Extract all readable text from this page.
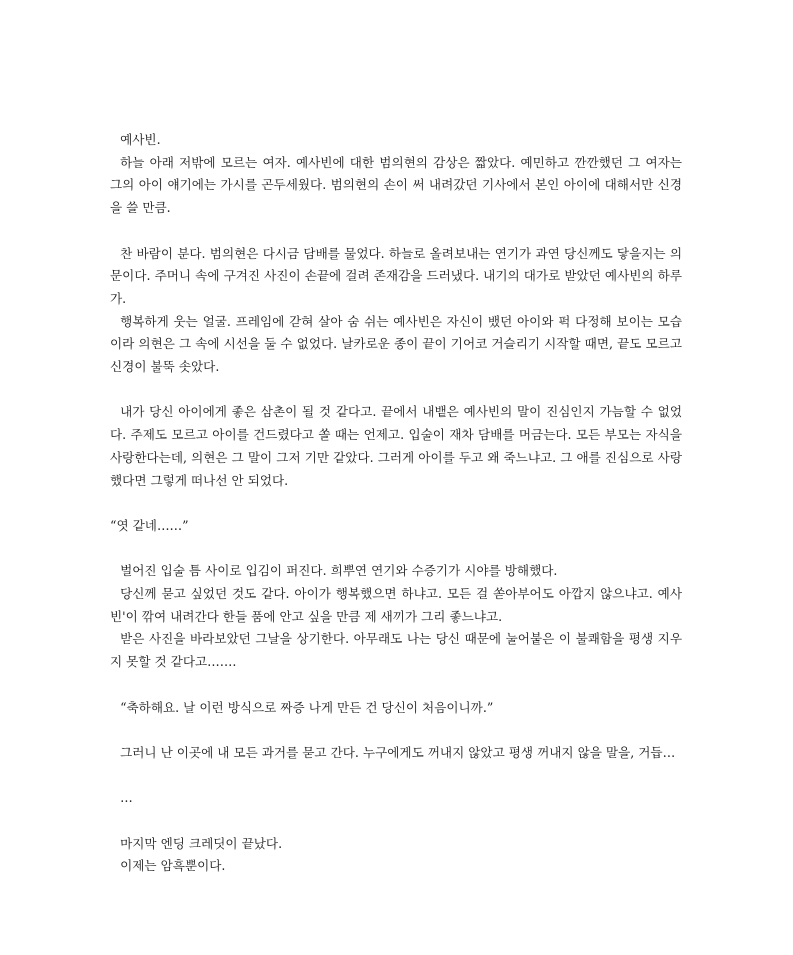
예사빈.

하늘 아래 저밖에 모르는 여자. 예사빈에 대한 범의현의 감상은 짧았다. 예민하고 깐깐했던 그 여자는 그의 아이 얘기에는 가시를 곤두세웠다. 범의현의 손이 써 내려갔던 기사에서 본인 아이에 대해서만 신경을 쓸 만큼.

찬 바람이 분다. 범의현은 다시금 담배를 물었다. 하늘로 올려보내는 연기가 과연 당신께도 닿을지는 의문이다. 주머니 속에 구겨진 사진이 손끝에 걸려 존재감을 드러냈다. 내기의 대가로 받았던 예사빈의 하루가.

행복하게 웃는 얼굴. 프레임에 갇혀 살아 숨 쉬는 예사빈은 자신이 뱄던 아이와 퍽 다정해 보이는 모습이라 의현은 그 속에 시선을 둘 수 없었다. 날카로운 종이 끝이 기어코 거슬리기 시작할 때면, 끝도 모르고 신경이 불뚝 솟았다.

내가 당신 아이에게 좋은 삼촌이 될 것 같다고. 끝에서 내뱉은 예사빈의 말이 진심인지 가늠할 수 없었다. 주제도 모르고 아이를 건드렸다고 쏠 때는 언제고. 입술이 재차 담배를 머금는다. 모든 부모는 자식을 사랑한다는데, 의현은 그 말이 그저 기만 같았다. 그러게 아이를 두고 왜 죽느냐고. 그 애를 진심으로 사랑했다면 그렇게 떠나선 안 되었다.

“엿 같네……”

벌어진 입술 틈 사이로 입김이 퍼진다. 희뿌연 연기와 수증기가 시야를 방해했다.

당신께 묻고 싶었던 것도 같다. 아이가 행복했으면 하냐고. 모든 걸 쏟아부어도 아깝지 않으냐고. 예사빈'이 깎여 내려간다 한들 품에 안고 싶을 만큼 제 새끼가 그리 좋느냐고.

받은 사진을 바라보았던 그날을 상기한다. 아무래도 나는 당신 때문에 눌어붙은 이 불쾌함을 평생 지우지 못할 것 같다고…….

“축하해요. 날 이런 방식으로 짜증 나게 만든 건 당신이 처음이니까.”

그러니 난 이곳에 내 모든 과거를 묻고 간다. 누구에게도 꺼내지 않았고 평생 꺼내지 않을 말을, 거듭…

…

마지막 엔딩 크레딧이 끝났다.

이제는 암흑뿐이다.
